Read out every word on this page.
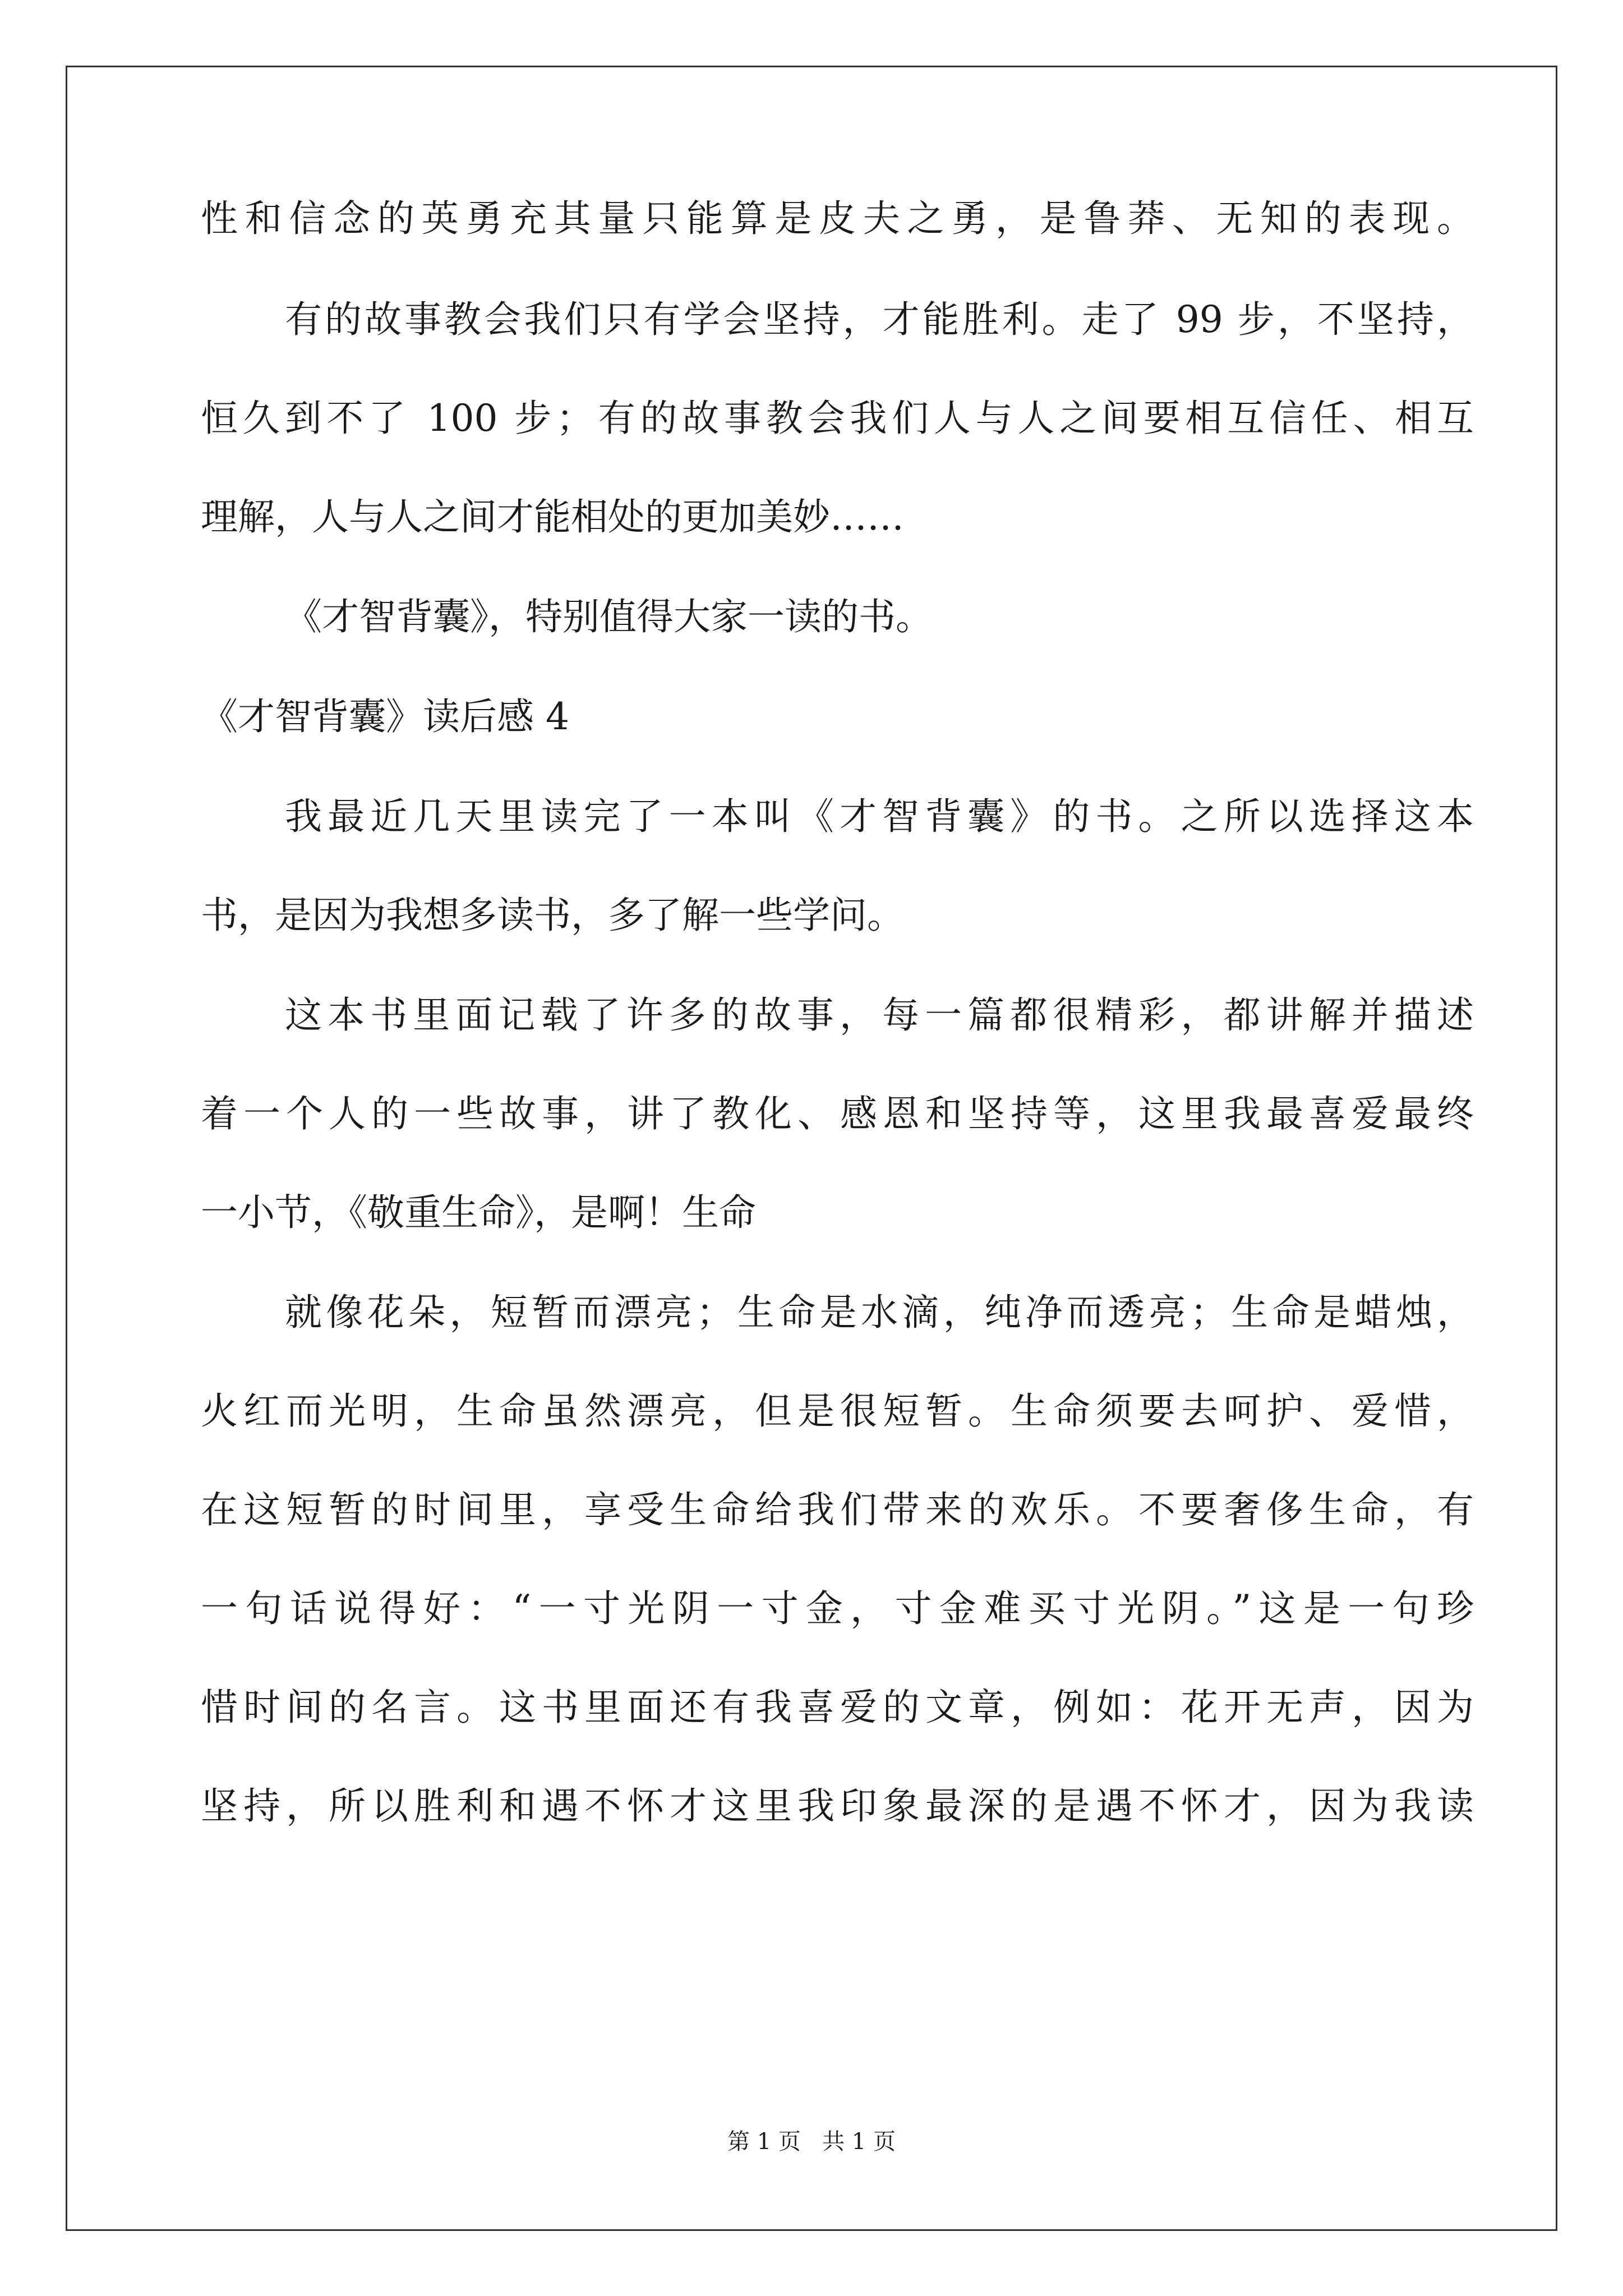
性和信念的英勇充其量只能算是皮夫之勇，是鲁莽、无知的表现。
有的故事教会我们只有学会坚持，才能胜利。走了 99 步，不坚持，
恒久到不了 100 步；有的故事教会我们人与人之间要相互信任、相互
理解，人与人之间才能相处的更加美妙……
《才智背囊》，特别值得大家一读的书。
《才智背囊》读后感 4
我最近几天里读完了一本叫《才智背囊》的书。之所以选择这本
书，是因为我想多读书，多了解一些学问。
这本书里面记载了许多的故事，每一篇都很精彩，都讲解并描述
着一个人的一些故事，讲了教化、感恩和坚持等，这里我最喜爱最终
一小节，《敬重生命》，是啊！生命
就像花朵，短暂而漂亮；生命是水滴，纯净而透亮；生命是蜡烛，
火红而光明，生命虽然漂亮，但是很短暂。生命须要去呵护、爱惜，
在这短暂的时间里，享受生命给我们带来的欢乐。不要奢侈生命，有
一句话说得好：“一寸光阴一寸金，寸金难买寸光阴。”这是一句珍
惜时间的名言。这书里面还有我喜爱的文章，例如：花开无声，因为
坚持，所以胜利和遇不怀才这里我印象最深的是遇不怀才，因为我读
第 1 页   共 1 页
